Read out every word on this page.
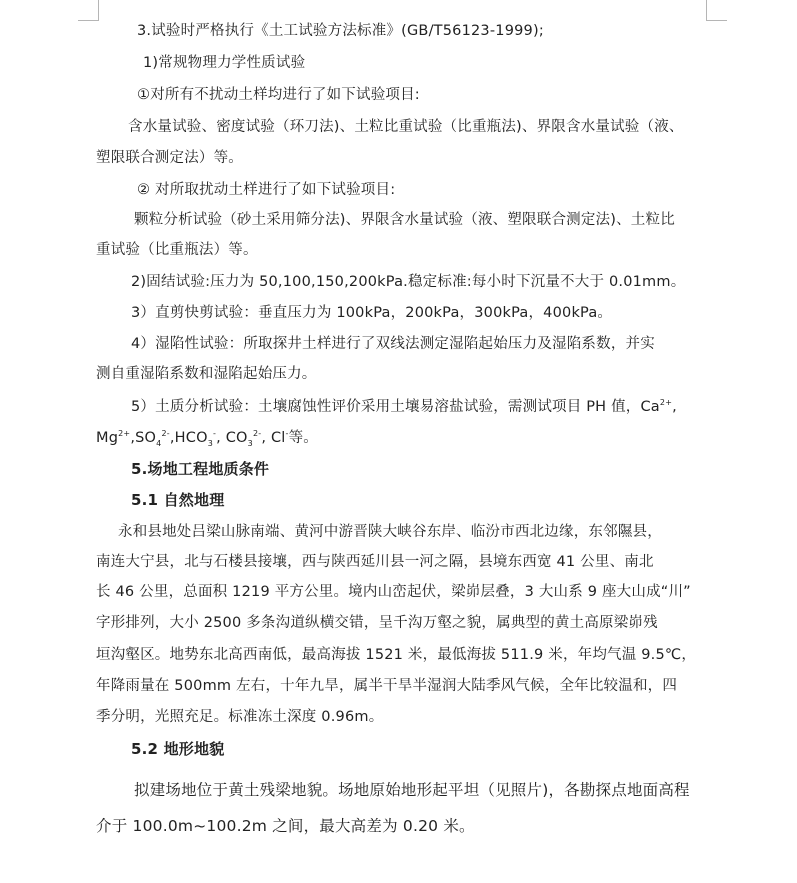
3.试验时严格执行《土工试验方法标准》(GB/T56123-1999);
1)常规物理力学性质试验
①对所有不扰动土样均进行了如下试验项目:
含水量试验、密度试验（环刀法)、土粒比重试验（比重瓶法)、界限含水量试验（液、
塑限联合测定法）等。
② 对所取扰动土样进行了如下试验项目:
颗粒分析试验（砂土采用筛分法)、界限含水量试验（液、塑限联合测定法)、土粒比
重试验（比重瓶法）等。
2)固结试验:压力为 50,100,150,200kPa.稳定标准:每小时下沉量不大于 0.01mm。
3）直剪快剪试验：垂直压力为 100kPa，200kPa，300kPa，400kPa。
4）湿陷性试验：所取探井土样进行了双线法测定湿陷起始压力及湿陷系数，并实
测自重湿陷系数和湿陷起始压力。
5）土质分析试验：土壤腐蚀性评价采用土壤易溶盐试验，需测试项目 PH 值，$Ca^{2+}$,
$Mg^{2+},SO_4^{2-},HCO_3^-$, $CO_3^{2-}$, Cl-等。
5.场地工程地质条件
5.1 自然地理
永和县地处吕梁山脉南端、黄河中游晋陕大峡谷东岸、临汾市西北边缘，东邻隰县，
南连大宁县，北与石楼县接壤，西与陕西延川县一河之隔，县境东西宽 41 公里、南北
长 46 公里，总面积 1219 平方公里。境内山峦起伏，梁峁层叠，3 大山系 9 座大山成“川”
字形排列，大小 2500 多条沟道纵横交错，呈千沟万壑之貌，属典型的黄土高原梁峁残
垣沟壑区。地势东北高西南低，最高海拔 1521 米，最低海拔 511.9 米，年均气温 9.5℃，
年降雨量在 500mm 左右，十年九旱，属半干旱半湿润大陆季风气候，全年比较温和，四
季分明，光照充足。标准冻土深度 0.96m。
5.2 地形地貌
拟建场地位于黄土残梁地貌。场地原始地形起平坦（见照片)，各勘探点地面高程
介于 100.0m~100.2m 之间，最大高差为 0.20 米。
